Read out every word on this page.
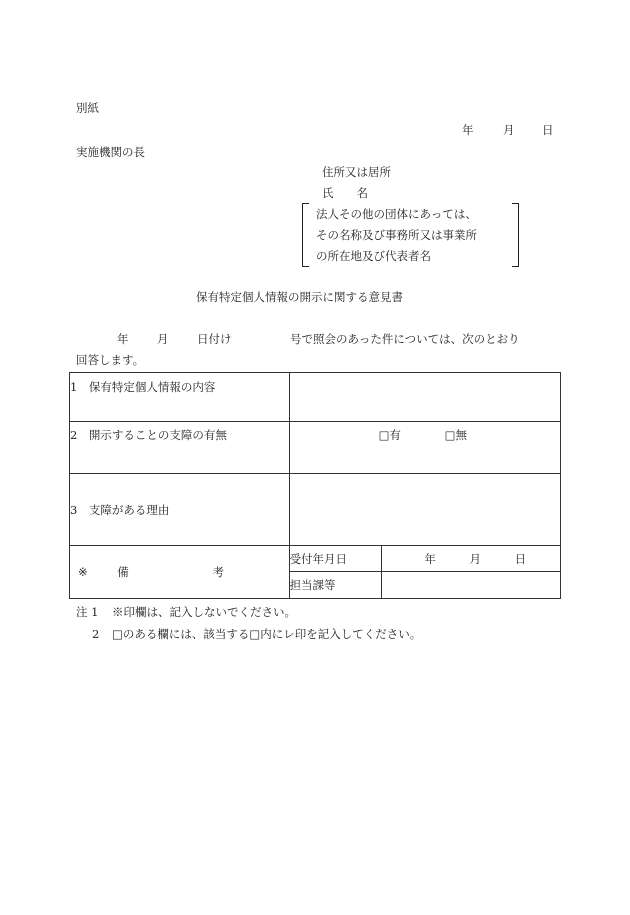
別紙
年	月 日
実施機関の長
住所又は居所
氏　　名
法人その他の団体にあっては、
その名称及び事務所又は事業所
の所在地及び代表者名
保有特定個人情報の開示に関する意見書
年 月 日付け	号で照会のあった件については、次のとおり
回答します。
1　保有特定個人情報の内容		
2　開示することの支障の有無	□有 □無	
3　支障がある理由		
※ 備 考	受付年月日	年 月 日
	担当課等	
注 1 ※印欄は、記入しないでください。
2 □のある欄には、該当する□内にレ印を記入してください。
